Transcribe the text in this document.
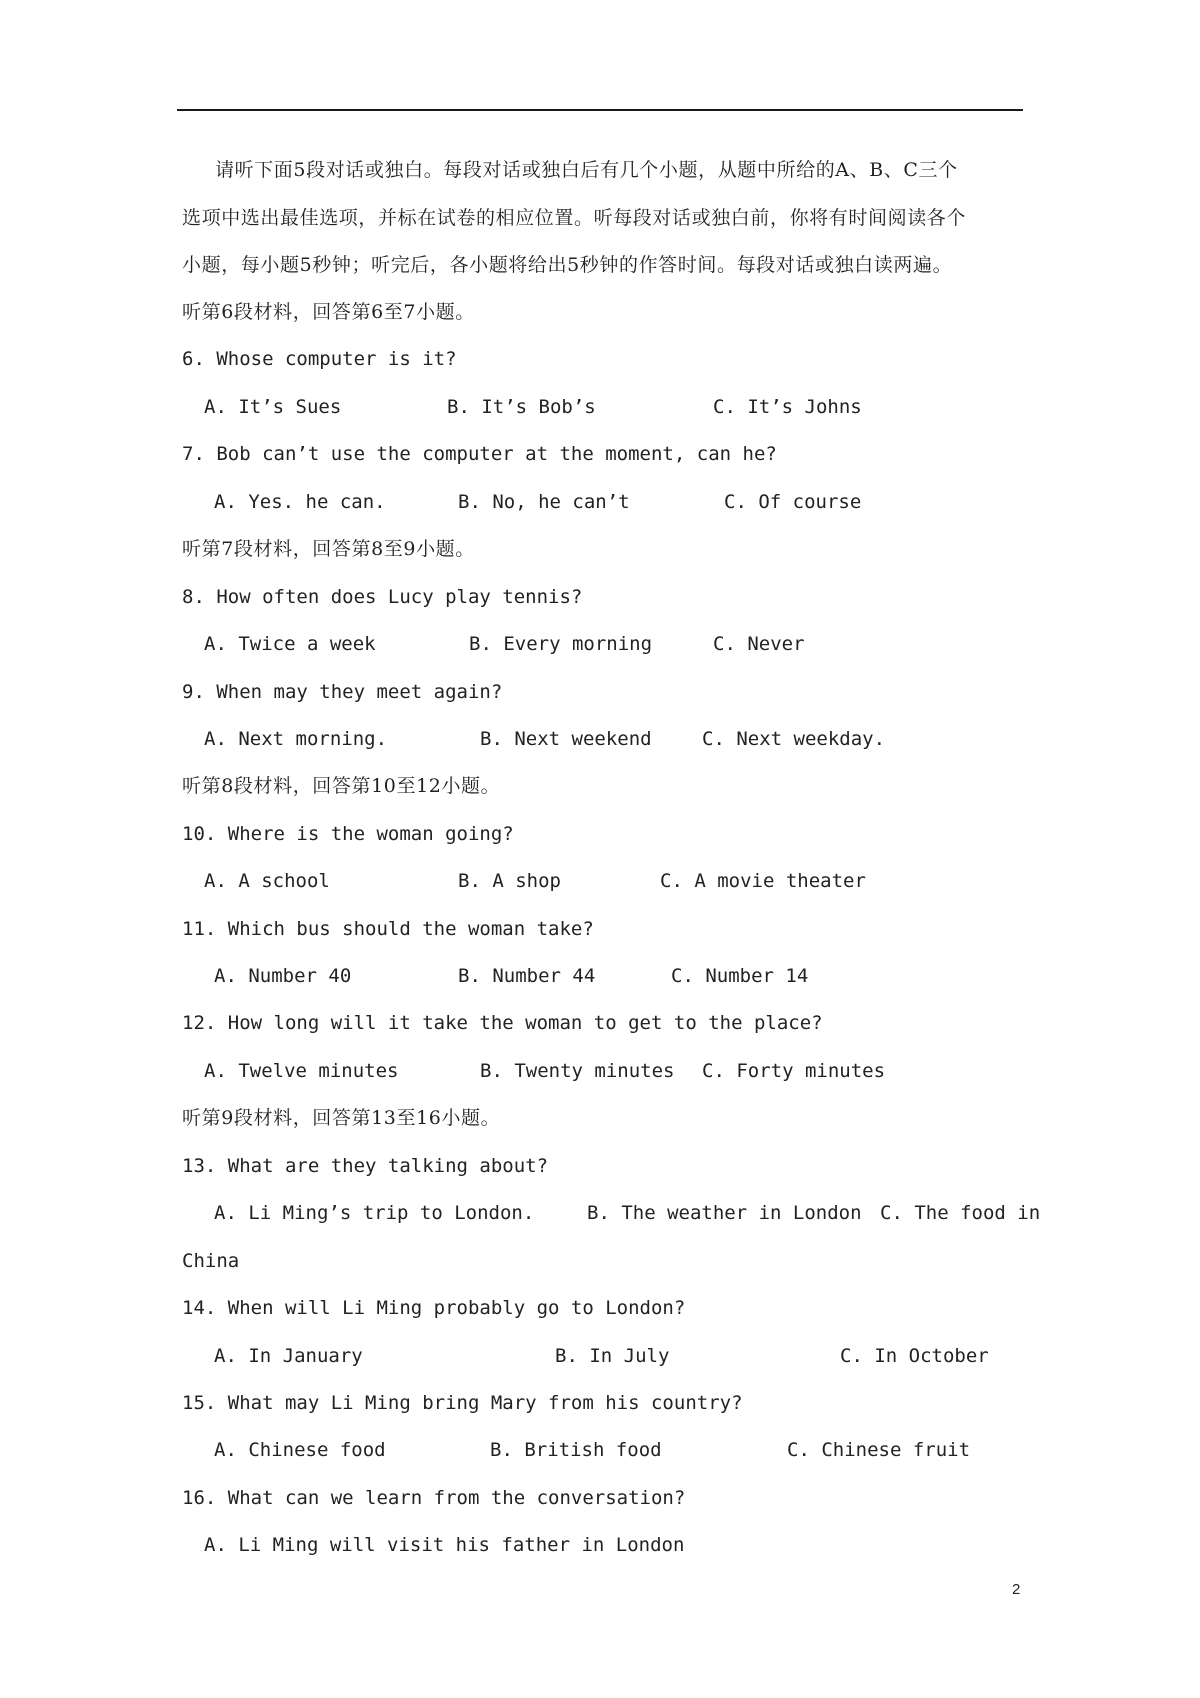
请听下面5段对话或独白。每段对话或独白后有几个小题，从题中所给的A、B、C三个
选项中选出最佳选项，并标在试卷的相应位置。听每段对话或独白前，你将有时间阅读各个
小题，每小题5秒钟；听完后，各小题将给出5秒钟的作答时间。每段对话或独白读两遍。
听第6段材料，回答第6至7小题。
6. Whose computer is it?
A. It’s Sues	B. It’s Bob’s	C. It’s Johns
7. Bob can’t use the computer at the moment, can he?
A. Yes. he can.	B. No, he can’t	C. Of course
听第7段材料，回答第8至9小题。
8. How often does Lucy play tennis?
A. Twice a week	B. Every morning	C. Never
9. When may they meet again?
A. Next morning.	B. Next weekend	C. Next weekday.
听第8段材料，回答第10至12小题。
10. Where is the woman going?
A. A school	B. A shop	C. A movie theater
11. Which bus should the woman take?
A. Number 40	B. Number 44	C. Number 14
12. How long will it take the woman to get to the place?
A. Twelve minutes	B. Twenty minutes C. Forty minutes
听第9段材料，回答第13至16小题。
13. What are they talking about?
A. Li Ming’s trip to London.	B. The weather in London C. The food in
China
14. When will Li Ming probably go to London?
A. In January	B. In July	C. In October
15. What may Li Ming bring Mary from his country?
A. Chinese food	B. British food	C. Chinese fruit
16. What can we learn from the conversation?
A. Li Ming will visit his father in London
2
